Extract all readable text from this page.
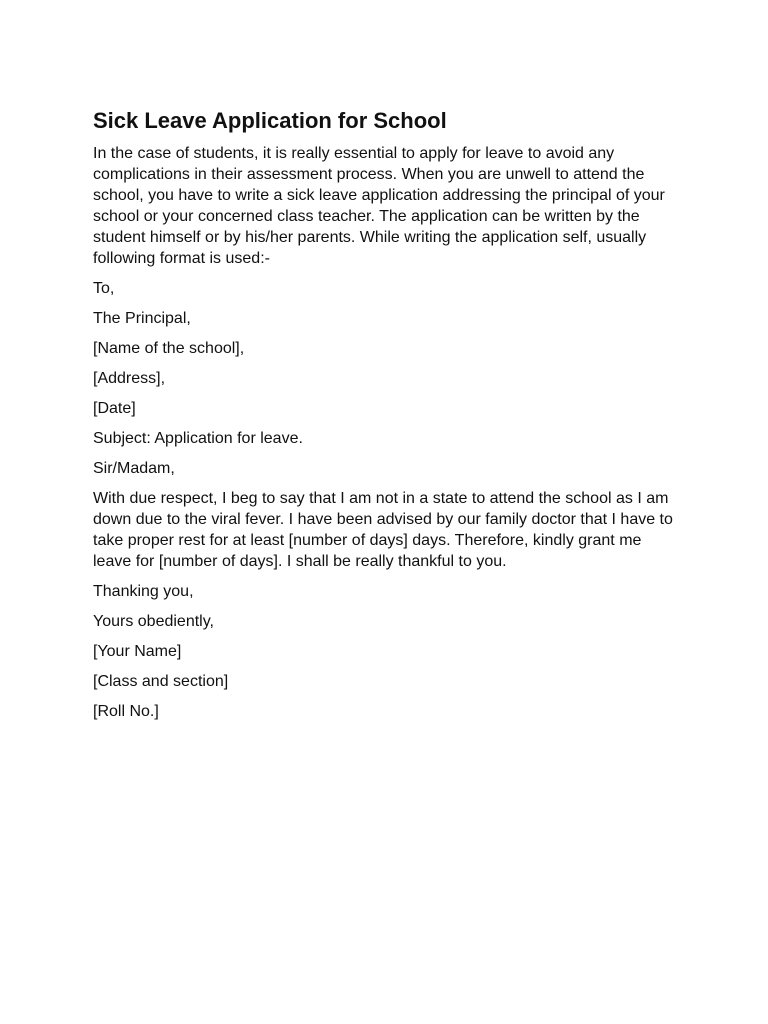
Sick Leave Application for School

In the case of students, it is really essential to apply for leave to avoid any complications in their assessment process. When you are unwell to attend the school, you have to write a sick leave application addressing the principal of your school or your concerned class teacher. The application can be written by the student himself or by his/her parents. While writing the application self, usually following format is used:-

To,

The Principal,

[Name of the school],

[Address],

[Date]

Subject: Application for leave.

Sir/Madam,

With due respect, I beg to say that I am not in a state to attend the school as I am down due to the viral fever. I have been advised by our family doctor that I have to take proper rest for at least [number of days] days. Therefore, kindly grant me leave for [number of days]. I shall be really thankful to you.

Thanking you,

Yours obediently,

[Your Name]

[Class and section]

[Roll No.]
